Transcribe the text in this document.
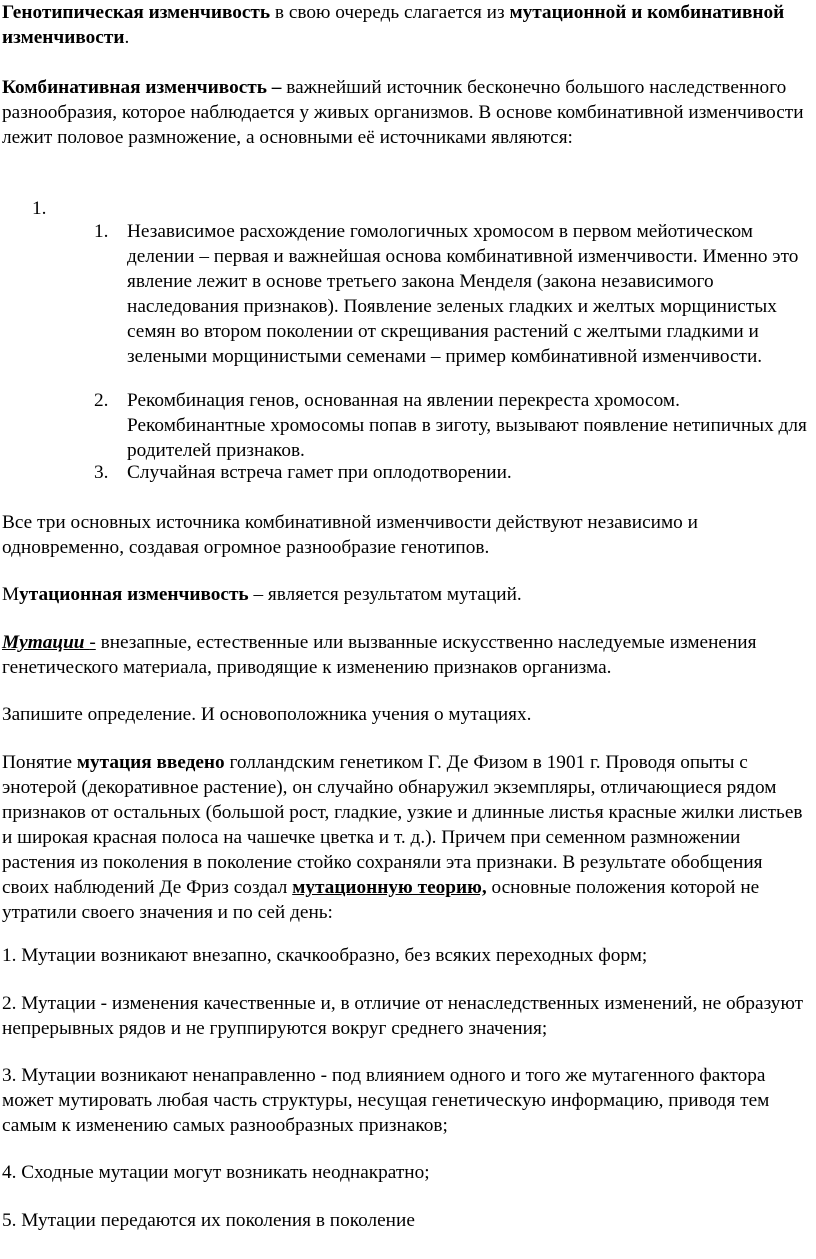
Генотипическая изменчивость в свою очередь слагается из мутационной и комбинативной изменчивости.

Комбинативная изменчивость – важнейший источник бесконечно большого наследственного разнообразия, которое наблюдается у живых организмов. В основе комбинативной изменчивости лежит половое размножение, а основными её источниками являются:

1.
1. Независимое расхождение гомологичных хромосом в первом мейотическом делении – первая и важнейшая основа комбинативной изменчивости. Именно это явление лежит в основе третьего закона Менделя (закона независимого наследования признаков). Появление зеленых гладких и желтых морщинистых семян во втором поколении от скрещивания растений с желтыми гладкими и зелеными морщинистыми семенами – пример комбинативной изменчивости.
2. Рекомбинация генов, основанная на явлении перекреста хромосом. Рекомбинантные хромосомы попав в зиготу, вызывают появление нетипичных для родителей признаков.
3. Случайная встреча гамет при оплодотворении.

Все три основных источника комбинативной изменчивости действуют независимо и одновременно, создавая огромное разнообразие генотипов.

Мутационная изменчивость – является результатом мутаций.

Мутации - внезапные, естественные или вызванные искусственно наследуемые изменения генетического материала, приводящие к изменению признаков организма.

Запишите определение. И основоположника учения о мутациях.

Понятие мутация введено голландским генетиком Г. Де Физом в 1901 г. Проводя опыты с энотерой (декоративное растение), он случайно обнаружил экземпляры, отличающиеся рядом признаков от остальных (большой рост, гладкие, узкие и длинные листья красные жилки листьев и широкая красная полоса на чашечке цветка и т. д.). Причем при семенном размножении растения из поколения в поколение стойко сохраняли эта признаки. В результате обобщения своих наблюдений Де Фриз создал мутационную теорию, основные положения которой не утратили своего значения и по сей день:

1. Мутации возникают внезапно, скачкообразно, без всяких переходных форм;

2. Мутации - изменения качественные и, в отличие от ненаследственных изменений, не образуют непрерывных рядов и не группируются вокруг среднего значения;

3. Мутации возникают ненаправленно - под влиянием одного и того же мутагенного фактора может мутировать любая часть структуры, несущая генетическую информацию, приводя тем самым к изменению самых разнообразных признаков;

4. Сходные мутации могут возникать неоднакратно;

5. Мутации передаются их поколения в поколение
